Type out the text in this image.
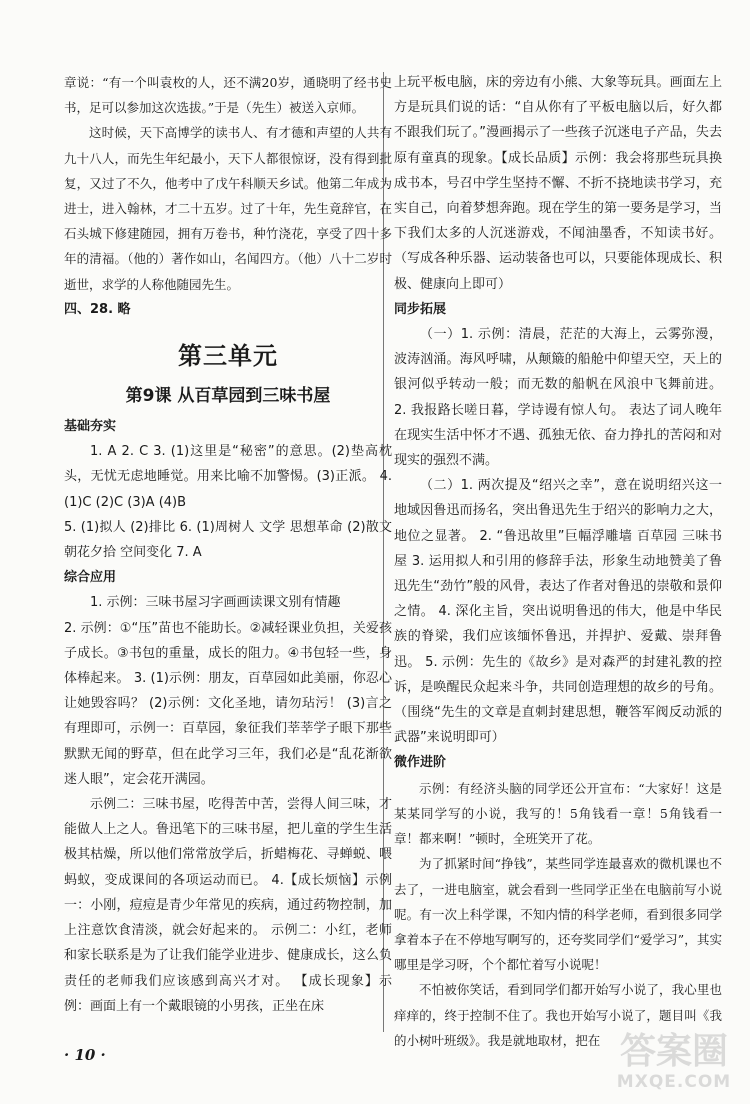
章说：“有一个叫袁枚的人，还不满20岁，通晓明了经书史书，足可以参加这次选拔。”于是（先生）被送入京师。

这时候，天下高博学的读书人、有才德和声望的人共有九十八人，而先生年纪最小，天下人都很惊讶，没有得到批复，又过了不久，他考中了戊午科顺天乡试。他第二年成为进士，进入翰林，才二十五岁。过了十年，先生竟辞官，在石头城下修建随园，拥有万卷书，种竹浇花，享受了四十多年的清福。（他的）著作如山，名闻四方。（他）八十二岁时逝世，求学的人称他随园先生。

四、28. 略

第三单元
第9课 从百草园到三味书屋

基础夯实

1. A 2. C 3. (1)这里是“秘密”的意思。(2)垫高枕头，无忧无虑地睡觉。用来比喻不加警惕。(3)正派。 4. (1)C (2)C (3)A (4)B

5. (1)拟人 (2)排比 6. (1)周树人 文学 思想革命 (2)散文 朝花夕拾 空间变化 7. A

综合应用

1. 示例：三味书屋习字画画读课文别有情趣

2. 示例：①“压”苗也不能助长。②减轻课业负担，关爱孩子成长。③书包的重量，成长的阻力。④书包轻一些，身体棒起来。 3. (1)示例：朋友，百草园如此美丽，你忍心让她毁容吗？ (2)示例：文化圣地，请勿玷污！ (3)言之有理即可，示例一：百草园，象征我们莘莘学子眼下那些默默无闻的野草，但在此学习三年，我们必是“乱花渐欲迷人眼”，定会花开满园。

示例二：三味书屋，吃得苦中苦，尝得人间三味，才能做人上之人。鲁迅笔下的三味书屋，把儿童的学生生活极其枯燥，所以他们常常放学后，折蜡梅花、寻蝉蜕、喂蚂蚁，变成课间的各项运动而已。 4.【成长烦恼】示例一：小刚，痘痘是青少年常见的疾病，通过药物控制，加上注意饮食清淡，就会好起来的。 示例二：小红，老师和家长联系是为了让我们能学业进步、健康成长，这么负责任的老师我们应该感到高兴才对。 【成长现象】示例：画面上有一个戴眼镜的小男孩，正坐在床

上玩平板电脑，床的旁边有小熊、大象等玩具。画面左上方是玩具们说的话：“自从你有了平板电脑以后，好久都不跟我们玩了。”漫画揭示了一些孩子沉迷电子产品，失去原有童真的现象。【成长品质】示例：我会将那些玩具换成书本，号召中学生坚持不懈、不折不挠地读书学习，充实自己，向着梦想奔跑。现在学生的第一要务是学习，当下我们太多的人沉迷游戏，不闻油墨香，不知读书好。（写成各种乐器、运动装备也可以，只要能体现成长、积极、健康向上即可）

同步拓展

（一）1. 示例：清晨，茫茫的大海上，云雾弥漫，波涛汹涌。海风呼啸，从颠簸的船舱中仰望天空，天上的银河似乎转动一般；而无数的船帆在风浪中飞舞前进。 2. 我报路长嗟日暮，学诗谩有惊人句。 表达了词人晚年在现实生活中怀才不遇、孤独无依、奋力挣扎的苦闷和对现实的强烈不满。

（二）1. 两次提及“绍兴之幸”，意在说明绍兴这一地域因鲁迅而扬名，突出鲁迅先生于绍兴的影响力之大，地位之显著。 2. “鲁迅故里”巨幅浮雕墙 百草园 三味书屋 3. 运用拟人和引用的修辞手法，形象生动地赞美了鲁迅先生“劲竹”般的风骨，表达了作者对鲁迅的崇敬和景仰之情。 4. 深化主旨，突出说明鲁迅的伟大，他是中华民族的脊梁，我们应该缅怀鲁迅，并捍护、爱戴、崇拜鲁迅。 5. 示例：先生的《故乡》是对森严的封建礼教的控诉，是唤醒民众起来斗争，共同创造理想的故乡的号角。（围绕“先生的文章是直刺封建思想，鞭答军阀反动派的武器”来说明即可）

微作进阶

示例：有经济头脑的同学还公开宣布：“大家好！这是某某同学写的小说，我写的！5角钱看一章！5角钱看一章！都来啊！”顿时，全班笑开了花。

为了抓紧时间“挣钱”，某些同学连最喜欢的微机课也不去了，一进电脑室，就会看到一些同学正坐在电脑前写小说呢。有一次上科学课，不知内情的科学老师，看到很多同学拿着本子在不停地写啊写的，还夸奖同学们“爱学习”，其实哪里是学习呀，个个都忙着写小说呢！

不怕被你笑话，看到同学们都开始写小说了，我心里也痒痒的，终于控制不住了。我也开始写小说了，题目叫《我的小树叶班级》。我是就地取材，把在

· 10 ·	答案圈
MXQE.COM
